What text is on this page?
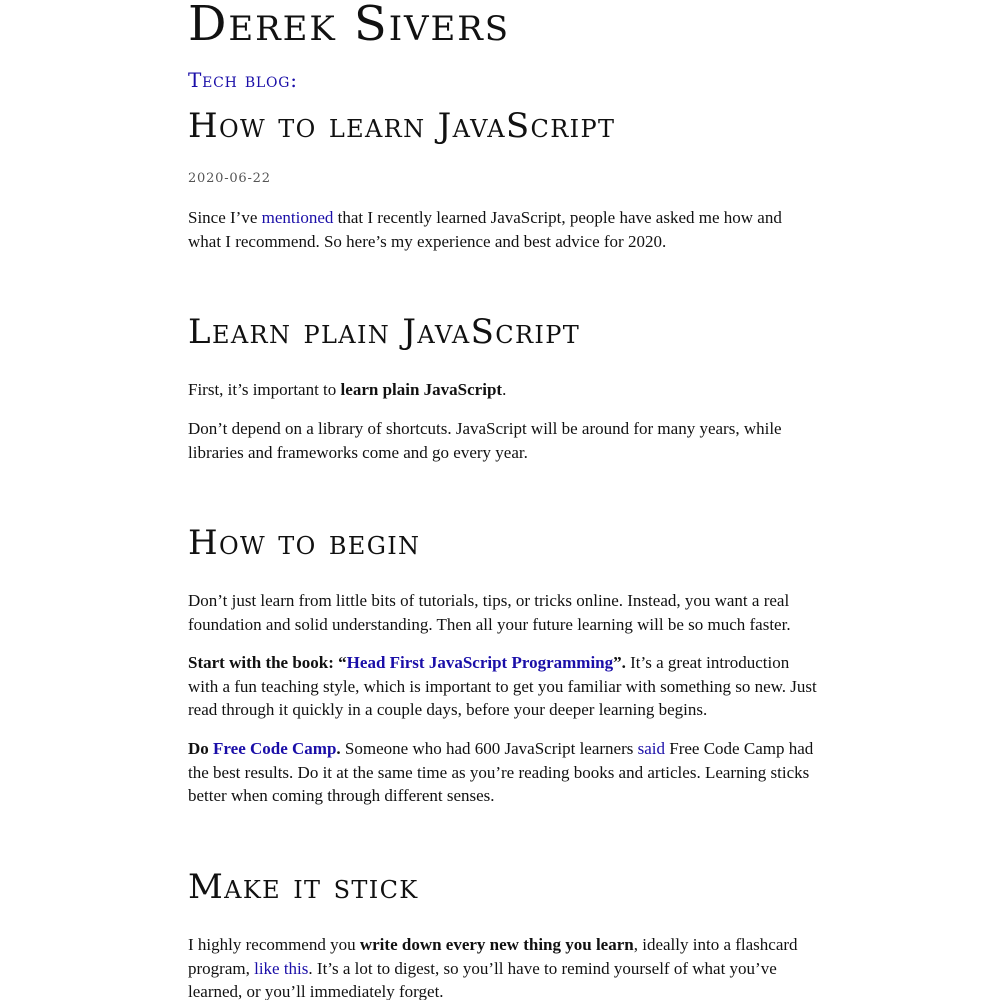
Derek Sivers
Tech blog:
How to learn JavaScript

2020-06-22

Since I’ve mentioned that I recently learned JavaScript, people have asked me how and what I recommend. So here’s my experience and best advice for 2020.

Learn plain JavaScript

First, it’s important to learn plain JavaScript.

Don’t depend on a library of shortcuts. JavaScript will be around for many years, while libraries and frameworks come and go every year.

How to begin

Don’t just learn from little bits of tutorials, tips, or tricks online. Instead, you want a real foundation and solid understanding. Then all your future learning will be so much faster.

Start with the book: “Head First JavaScript Programming”. It’s a great introduction with a fun teaching style, which is important to get you familiar with something so new. Just read through it quickly in a couple days, before your deeper learning begins.

Do Free Code Camp. Someone who had 600 JavaScript learners said Free Code Camp had the best results. Do it at the same time as you’re reading books and articles. Learning sticks better when coming through different senses.

Make it stick

I highly recommend you write down every new thing you learn, ideally into a flashcard program, like this. It’s a lot to digest, so you’ll have to remind yourself of what you’ve learned, or you’ll immediately forget.
